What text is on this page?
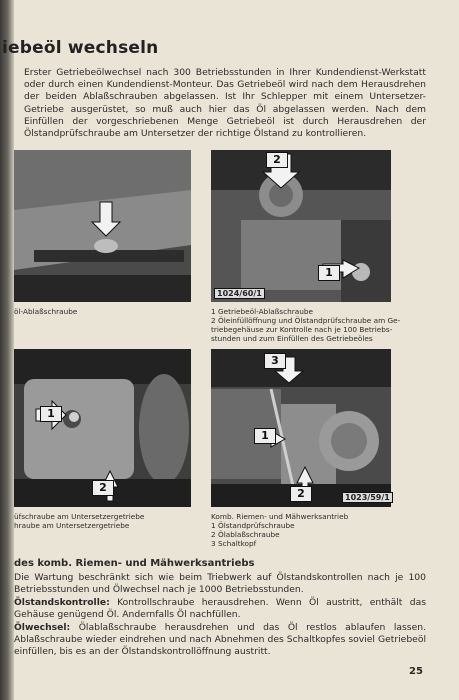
iebeöl wechseln

Erster Getriebeölwechsel nach 300 Betriebsstunden in Ihrer Kundendienst-Werkstatt oder durch einen Kundendienst-Monteur. Das Getriebeöl wird nach dem Herausdrehen der beiden Ablaßschrauben abgelassen. Ist Ihr Schlepper mit einem Untersetzer-Getriebe ausgerüstet, so muß auch hier das Öl abgelassen werden. Nach dem Einfüllen der vorgeschriebenen Menge Getriebeöl ist durch Herausdrehen der Ölstandprüfschraube am Untersetzer der richtige Ölstand zu kontrollieren.

öl-Ablaßschraube
2
1
1024/60/1
1 Getriebeöl-Ablaßschraube
2 Öleinfüllöffnung und Ölstandprüfschraube am Ge-
triebegehäuse zur Kontrolle nach je 100 Betriebs-
stunden und zum Einfüllen des Getriebeöles
1
2
üfschraube am Untersetzergetriebe
hraube am Untersetzergetriebe
3
1
2	1023/59/1
Komb. Riemen- und Mähwerksantrieb
1 Ölstandprüfschraube
2 Ölablaßschraube
3 Schaltkopf
des komb. Riemen- und Mähwerksantriebs

Die Wartung beschränkt sich wie beim Triebwerk auf Ölstandskontrollen nach je 100 Betriebsstunden und Ölwechsel nach je 1000 Betriebsstunden.

Ölstandskontrolle: Kontrollschraube herausdrehen. Wenn Öl austritt, enthält das Gehäuse genügend Öl. Andernfalls Öl nachfüllen.

Ölwechsel: Ölablaßschraube herausdrehen und das Öl restlos ablaufen lassen. Ablaßschraube wieder eindrehen und nach Abnehmen des Schaltkopfes soviel Getriebeöl einfüllen, bis es an der Ölstandskontrollöffnung austritt.

25
